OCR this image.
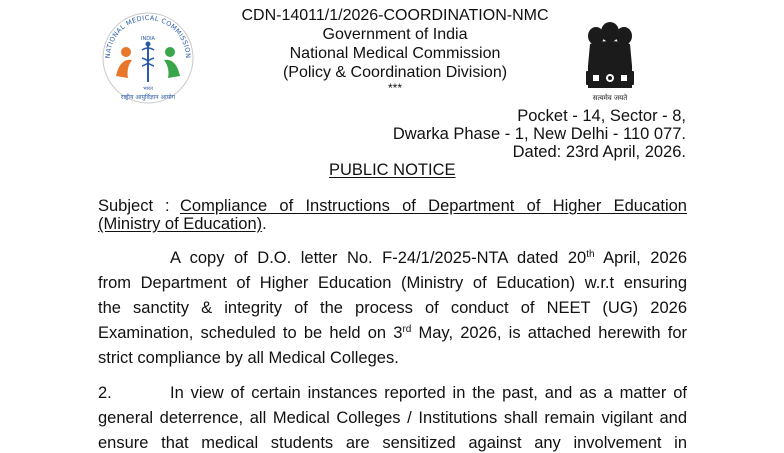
NATIONAL MEDICAL COMMISSION
INDIA
भारत
राष्ट्रीय आयुर्विज्ञान आयोग	सत्यमेव जयते
CDN-14011/1/2026-COORDINATION-NMC
Government of India
National Medical Commission
(Policy & Coordination Division)
***
Pocket - 14, Sector - 8,
Dwarka Phase - 1, New Delhi - 110 077.
Dated: 23rd April, 2026.
PUBLIC NOTICE
Subject : Compliance of Instructions of Department of Higher Education
(Ministry of Education).
A copy of D.O. letter No. F-24/1/2025-NTA dated 20th April, 2026
from Department of Higher Education (Ministry of Education) w.r.t ensuring
the sanctity & integrity of the process of conduct of NEET (UG) 2026
Examination, scheduled to be held on 3rd May, 2026, is attached herewith for
strict compliance by all Medical Colleges.
2.	In view of certain instances reported in the past, and as a matter of
general deterrence, all Medical Colleges / Institutions shall remain vigilant and
ensure that medical students are sensitized against any involvement in
